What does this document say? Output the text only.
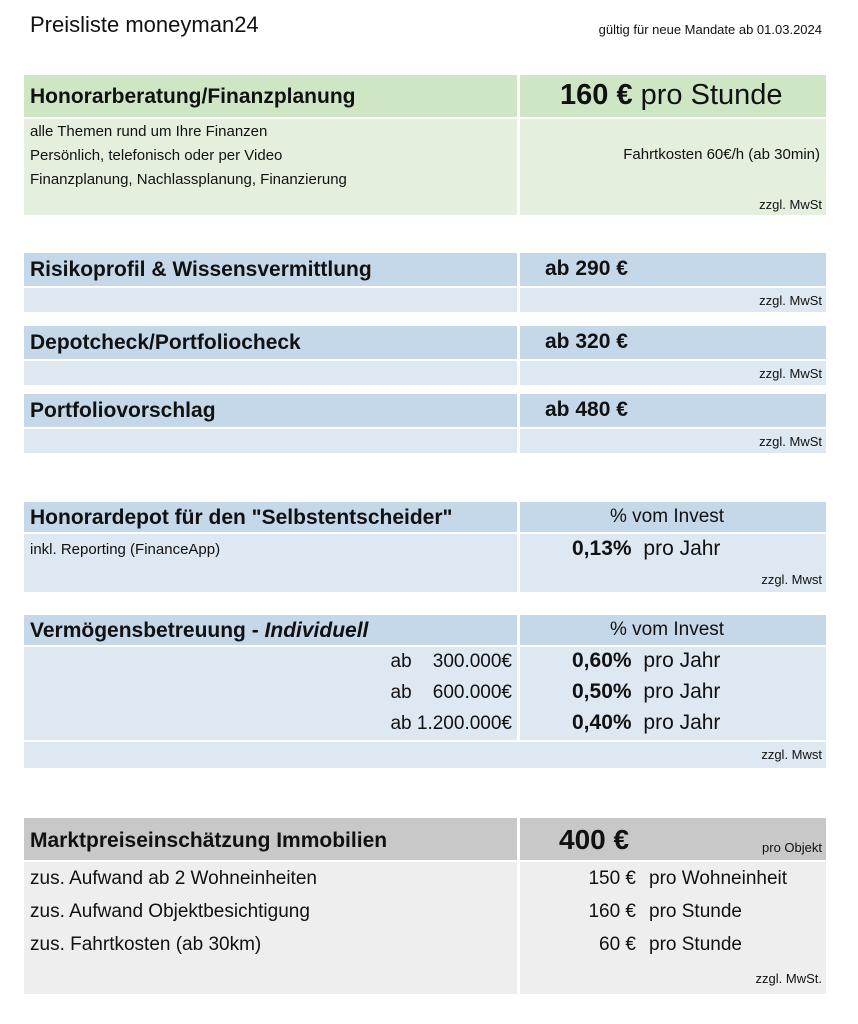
Preisliste moneyman24	gültig für neue Mandate ab 01.03.2024
Honorarberatung/Finanzplanung	160 € pro Stunde
alle Themen rund um Ihre Finanzen
Persönlich, telefonisch oder per Video
Finanzplanung, Nachlassplanung, Finanzierung
Fahrtkosten 60€/h (ab 30min)
zzgl. MwSt
Risikoprofil & Wissensvermittlung	ab 290 €
zzgl. MwSt
Depotcheck/Portfoliocheck	ab 320 €
zzgl. MwSt
Portfoliovorschlag	ab 480 €
zzgl. MwSt
Honorardepot für den "Selbstentscheider"	% vom Invest
inkl. Reporting (FinanceApp)	0,13% pro Jahr
zzgl. Mwst
Vermögensbetreuung - Individuell	% vom Invest
ab    300.000€	0,60% pro Jahr
ab    600.000€	0,50% pro Jahr
ab 1.200.000€	0,40% pro Jahr
zzgl. Mwst
Marktpreiseinschätzung Immobilien	400 €	pro Objekt
zus. Aufwand ab 2 Wohneinheiten	150 € pro Wohneinheit
zus. Aufwand Objektbesichtigung	160 € pro Stunde
zus. Fahrtkosten (ab 30km)	60 € pro Stunde
zzgl. MwSt.
